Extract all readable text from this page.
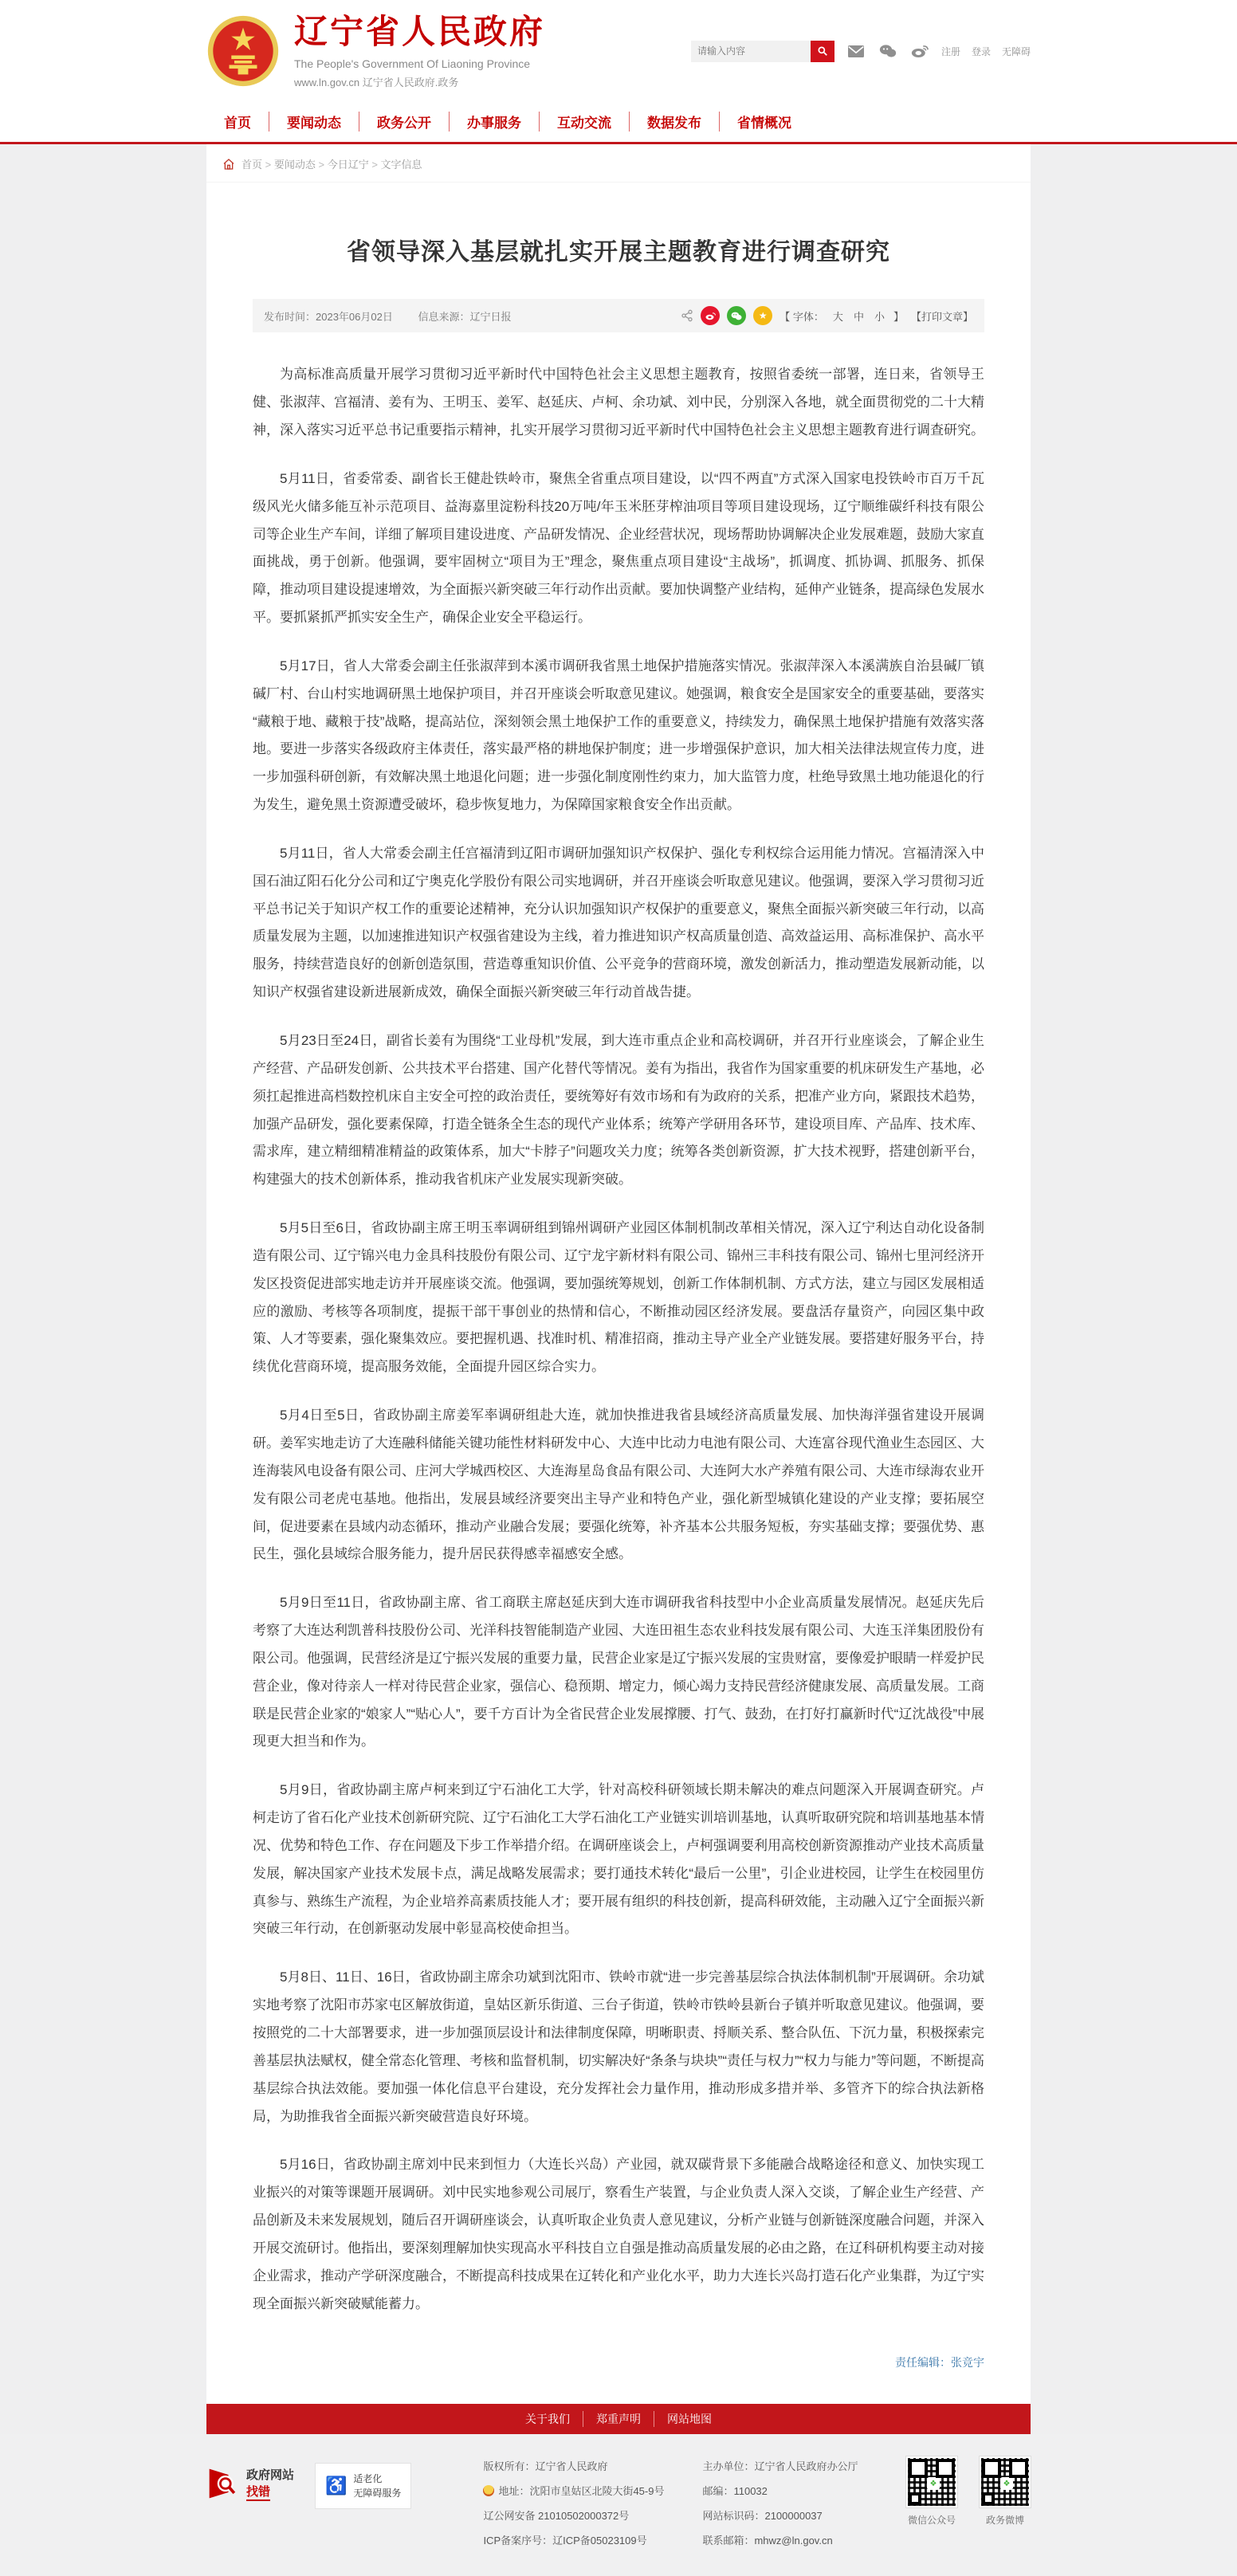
辽宁省人民政府
The People's Government Of Liaoning Province
www.ln.gov.cn 辽宁省人民政府.政务
请输入内容
注册 登录 无障碍
首页	要闻动态	政务公开	办事服务	互动交流	数据发布	省情概况
首页 > 要闻动态 > 今日辽宁 > 文字信息
省领导深入基层就扎实开展主题教育进行调查研究
发布时间：2023年06月02日 信息来源：辽宁日报	★	【 字体： 大 中 小 】 【打印文章】

为高标准高质量开展学习贯彻习近平新时代中国特色社会主义思想主题教育，按照省委统一部署，连日来，省领导王健、张淑萍、宫福清、姜有为、王明玉、姜军、赵延庆、卢柯、余功斌、刘中民，分别深入各地，就全面贯彻党的二十大精神，深入落实习近平总书记重要指示精神，扎实开展学习贯彻习近平新时代中国特色社会主义思想主题教育进行调查研究。

5月11日，省委常委、副省长王健赴铁岭市，聚焦全省重点项目建设，以“四不两直”方式深入国家电投铁岭市百万千瓦级风光火储多能互补示范项目、益海嘉里淀粉科技20万吨/年玉米胚芽榨油项目等项目建设现场，辽宁顺维碳纤科技有限公司等企业生产车间，详细了解项目建设进度、产品研发情况、企业经营状况，现场帮助协调解决企业发展难题，鼓励大家直面挑战，勇于创新。他强调，要牢固树立“项目为王”理念，聚焦重点项目建设“主战场”，抓调度、抓协调、抓服务、抓保障，推动项目建设提速增效，为全面振兴新突破三年行动作出贡献。要加快调整产业结构，延伸产业链条，提高绿色发展水平。要抓紧抓严抓实安全生产，确保企业安全平稳运行。

5月17日，省人大常委会副主任张淑萍到本溪市调研我省黑土地保护措施落实情况。张淑萍深入本溪满族自治县碱厂镇碱厂村、台山村实地调研黑土地保护项目，并召开座谈会听取意见建议。她强调，粮食安全是国家安全的重要基础，要落实“藏粮于地、藏粮于技”战略，提高站位，深刻领会黑土地保护工作的重要意义，持续发力，确保黑土地保护措施有效落实落地。要进一步落实各级政府主体责任，落实最严格的耕地保护制度；进一步增强保护意识，加大相关法律法规宣传力度，进一步加强科研创新，有效解决黑土地退化问题；进一步强化制度刚性约束力，加大监管力度，杜绝导致黑土地功能退化的行为发生，避免黑土资源遭受破坏，稳步恢复地力，为保障国家粮食安全作出贡献。

5月11日，省人大常委会副主任宫福清到辽阳市调研加强知识产权保护、强化专利权综合运用能力情况。宫福清深入中国石油辽阳石化分公司和辽宁奥克化学股份有限公司实地调研，并召开座谈会听取意见建议。他强调，要深入学习贯彻习近平总书记关于知识产权工作的重要论述精神，充分认识加强知识产权保护的重要意义，聚焦全面振兴新突破三年行动，以高质量发展为主题，以加速推进知识产权强省建设为主线，着力推进知识产权高质量创造、高效益运用、高标准保护、高水平服务，持续营造良好的创新创造氛围，营造尊重知识价值、公平竞争的营商环境，激发创新活力，推动塑造发展新动能，以知识产权强省建设新进展新成效，确保全面振兴新突破三年行动首战告捷。

5月23日至24日，副省长姜有为围绕“工业母机”发展，到大连市重点企业和高校调研，并召开行业座谈会，了解企业生产经营、产品研发创新、公共技术平台搭建、国产化替代等情况。姜有为指出，我省作为国家重要的机床研发生产基地，必须扛起推进高档数控机床自主安全可控的政治责任，要统筹好有效市场和有为政府的关系，把准产业方向，紧跟技术趋势，加强产品研发，强化要素保障，打造全链条全生态的现代产业体系；统筹产学研用各环节，建设项目库、产品库、技术库、需求库，建立精细精准精益的政策体系，加大“卡脖子”问题攻关力度；统筹各类创新资源，扩大技术视野，搭建创新平台，构建强大的技术创新体系，推动我省机床产业发展实现新突破。

5月5日至6日，省政协副主席王明玉率调研组到锦州调研产业园区体制机制改革相关情况，深入辽宁利达自动化设备制造有限公司、辽宁锦兴电力金具科技股份有限公司、辽宁龙宇新材料有限公司、锦州三丰科技有限公司、锦州七里河经济开发区投资促进部实地走访并开展座谈交流。他强调，要加强统筹规划，创新工作体制机制、方式方法，建立与园区发展相适应的激励、考核等各项制度，提振干部干事创业的热情和信心，不断推动园区经济发展。要盘活存量资产，向园区集中政策、人才等要素，强化聚集效应。要把握机遇、找准时机、精准招商，推动主导产业全产业链发展。要搭建好服务平台，持续优化营商环境，提高服务效能，全面提升园区综合实力。

5月4日至5日，省政协副主席姜军率调研组赴大连，就加快推进我省县域经济高质量发展、加快海洋强省建设开展调研。姜军实地走访了大连融科储能关键功能性材料研发中心、大连中比动力电池有限公司、大连富谷现代渔业生态园区、大连海装风电设备有限公司、庄河大学城西校区、大连海星岛食品有限公司、大连阿大水产养殖有限公司、大连市绿海农业开发有限公司老虎屯基地。他指出，发展县域经济要突出主导产业和特色产业，强化新型城镇化建设的产业支撑；要拓展空间，促进要素在县域内动态循环，推动产业融合发展；要强化统筹，补齐基本公共服务短板，夯实基础支撑；要强优势、惠民生，强化县域综合服务能力，提升居民获得感幸福感安全感。

5月9日至11日，省政协副主席、省工商联主席赵延庆到大连市调研我省科技型中小企业高质量发展情况。赵延庆先后考察了大连达利凯普科技股份公司、光洋科技智能制造产业园、大连田祖生态农业科技发展有限公司、大连玉洋集团股份有限公司。他强调，民营经济是辽宁振兴发展的重要力量，民营企业家是辽宁振兴发展的宝贵财富，要像爱护眼睛一样爱护民营企业，像对待亲人一样对待民营企业家，强信心、稳预期、增定力，倾心竭力支持民营经济健康发展、高质量发展。工商联是民营企业家的“娘家人”“贴心人”，要千方百计为全省民营企业发展撑腰、打气、鼓劲，在打好打赢新时代“辽沈战役”中展现更大担当和作为。

5月9日，省政协副主席卢柯来到辽宁石油化工大学，针对高校科研领域长期未解决的难点问题深入开展调查研究。卢柯走访了省石化产业技术创新研究院、辽宁石油化工大学石油化工产业链实训培训基地，认真听取研究院和培训基地基本情况、优势和特色工作、存在问题及下步工作举措介绍。在调研座谈会上，卢柯强调要利用高校创新资源推动产业技术高质量发展，解决国家产业技术发展卡点，满足战略发展需求；要打通技术转化“最后一公里”，引企业进校园，让学生在校园里仿真参与、熟练生产流程，为企业培养高素质技能人才；要开展有组织的科技创新，提高科研效能，主动融入辽宁全面振兴新突破三年行动，在创新驱动发展中彰显高校使命担当。

5月8日、11日、16日，省政协副主席余功斌到沈阳市、铁岭市就“进一步完善基层综合执法体制机制”开展调研。余功斌实地考察了沈阳市苏家屯区解放街道，皇姑区新乐街道、三台子街道，铁岭市铁岭县新台子镇并听取意见建议。他强调，要按照党的二十大部署要求，进一步加强顶层设计和法律制度保障，明晰职责、捋顺关系、整合队伍、下沉力量，积极探索完善基层执法赋权，健全常态化管理、考核和监督机制，切实解决好“条条与块块”“责任与权力”“权力与能力”等问题，不断提高基层综合执法效能。要加强一体化信息平台建设，充分发挥社会力量作用，推动形成多措并举、多管齐下的综合执法新格局，为助推我省全面振兴新突破营造良好环境。

5月16日，省政协副主席刘中民来到恒力（大连长兴岛）产业园，就双碳背景下多能融合战略途径和意义、加快实现工业振兴的对策等课题开展调研。刘中民实地参观公司展厅，察看生产装置，与企业负责人深入交谈，了解企业生产经营、产品创新及未来发展规划，随后召开调研座谈会，认真听取企业负责人意见建议，分析产业链与创新链深度融合问题，并深入开展交流研讨。他指出，要深刻理解加快实现高水平科技自立自强是推动高质量发展的必由之路，在辽科研机构要主动对接企业需求，推动产学研深度融合，不断提高科技成果在辽转化和产业化水平，助力大连长兴岛打造石化产业集群，为辽宁实现全面振兴新突破赋能蓄力。

责任编辑：张竞宇
关于我们	郑重声明	网站地图
政府网站
找错	♿ 适老化
无障碍服务
版权所有：辽宁省人民政府
地址：沈阳市皇姑区北陵大街45-9号
辽公网安备 21010502000372号
ICP备案序号：辽ICP备05023109号
主办单位：辽宁省人民政府办公厅
邮编：110032
网站标识码：2100000037
联系邮箱：mhwz@ln.gov.cn
❖
微信公众号
❖
政务微博
